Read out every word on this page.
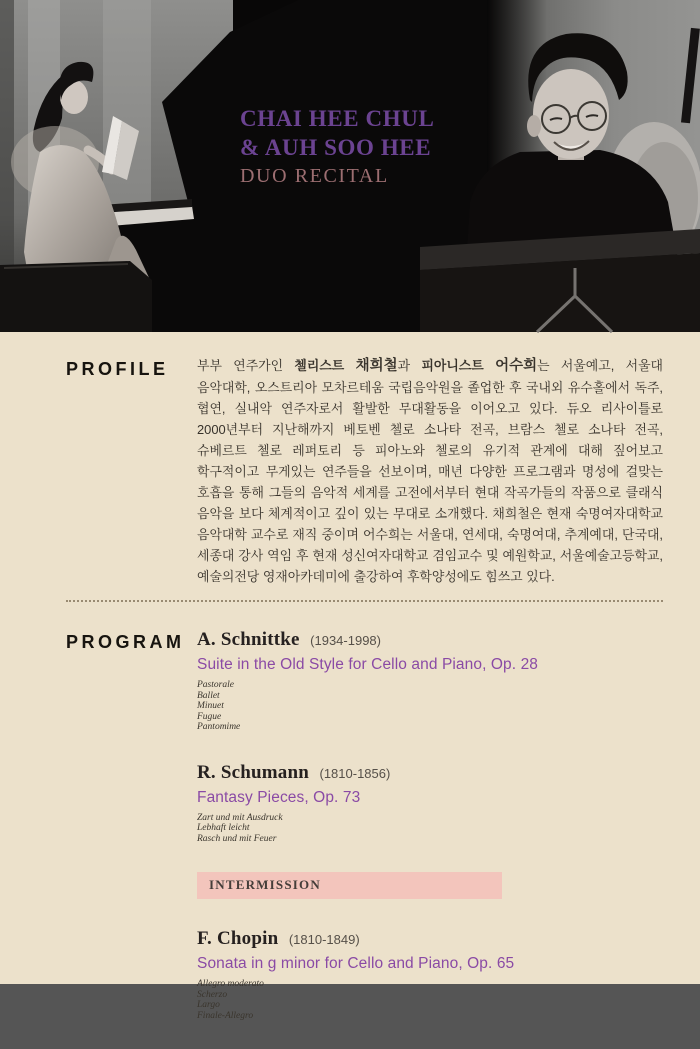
CHAI HEE CHUL
& AUH SOO HEE
DUO RECITAL
PROFILE	부부 연주가인 첼리스트 채희철과 피아니스트 어수희는 서울예고, 서울대 음악대학, 오스트리아 모차르테움 국립음악원을 졸업한 후 국내외 유수홀에서 독주, 협연, 실내악 연주자로서 활발한 무대활동을 이어오고 있다. 듀오 리사이틀로 2000년부터 지난해까지 베토벤 첼로 소나타 전곡, 브람스 첼로 소나타 전곡, 슈베르트 첼로 레퍼토리 등 피아노와 첼로의 유기적 관계에 대해 짚어보고 학구적이고 무게있는 연주들을 선보이며, 매년 다양한 프로그램과 명성에 걸맞는 호흡을 통해 그들의 음악적 세계를 고전에서부터 현대 작곡가들의 작품으로 클래식 음악을 보다 체계적이고 깊이 있는 무대로 소개했다. 채희철은 현재 숙명여자대학교 음악대학 교수로 재직 중이며 어수희는 서울대, 연세대, 숙명여대, 추계예대, 단국대, 세종대 강사 역임 후 현재 성신여자대학교 겸임교수 및 예원학교, 서울예술고등학교, 예술의전당 영재아카데미에 출강하여 후학양성에도 힘쓰고 있다.

PROGRAM A. Schnittke (1934-1998)
Suite in the Old Style for Cello and Piano, Op. 28
Pastorale
Ballet
Minuet
Fugue
Pantomime
R. Schumann (1810-1856)
Fantasy Pieces, Op. 73
Zart und mit Ausdruck
Lebhaft leicht
Rasch und mit Feuer
INTERMISSION
F. Chopin (1810-1849)
Sonata in g minor for Cello and Piano, Op. 65
Allegro moderato
Scherzo
Largo
Finale-Allegro
